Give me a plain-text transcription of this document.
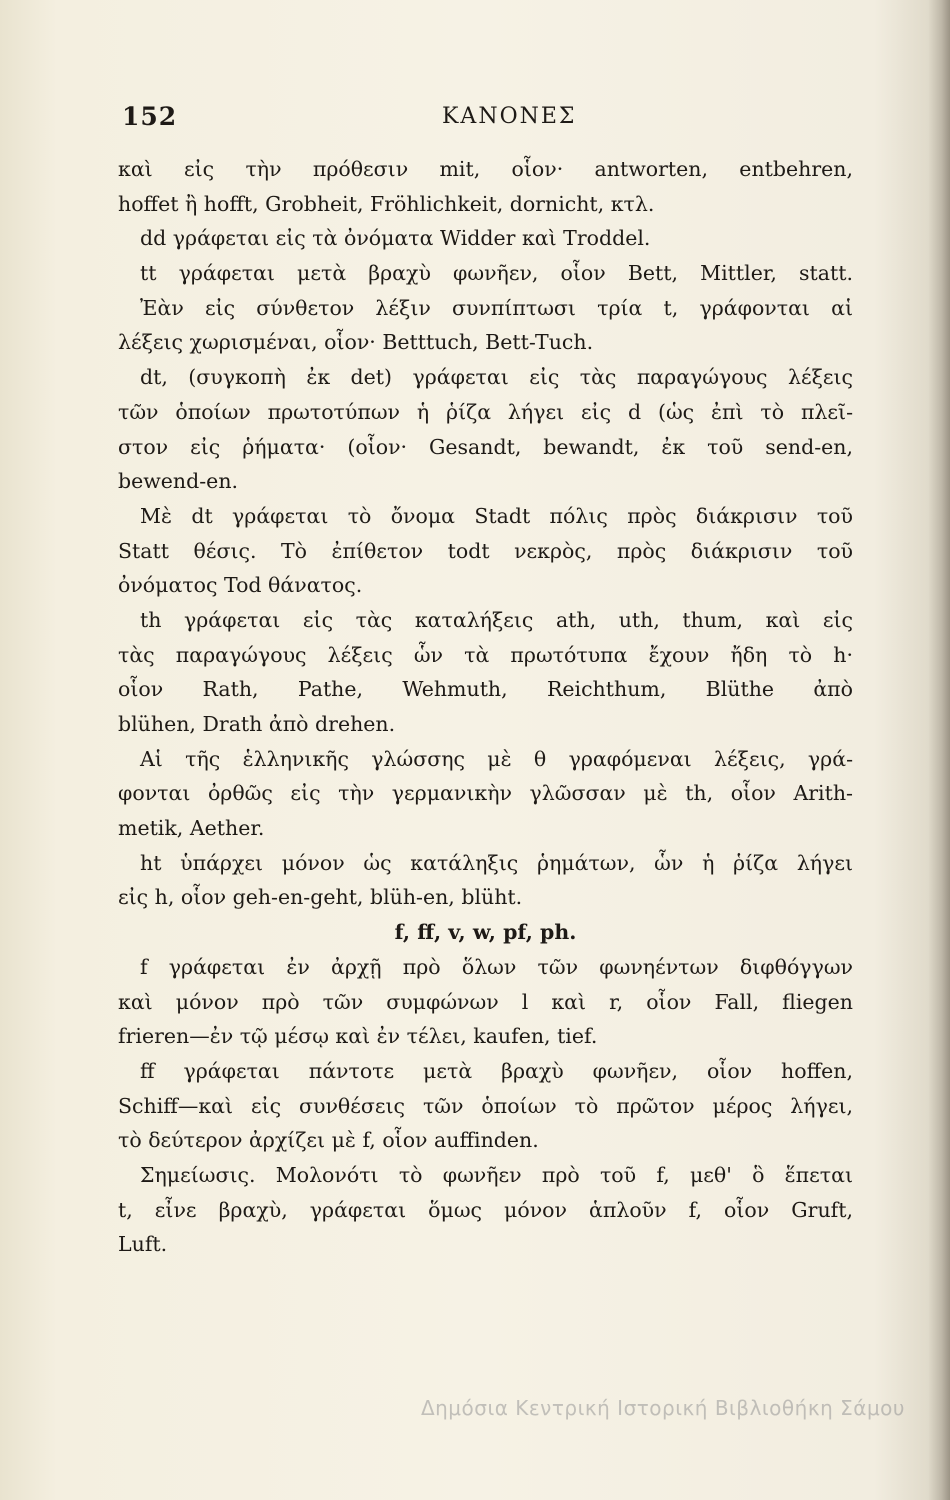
152	ΚΑΝΟΝΕΣ
καὶ εἰς τὴν πρόθεσιν mit, οἷον· antworten, entbehren,
hoffet ἢ hofft, Grobheit, Fröhlichkeit, dornicht, κτλ.
dd γράφεται εἰς τὰ ὀνόματα Widder καὶ Troddel.
tt γράφεται μετὰ βραχὺ φωνῆεν, οἷον Bett, Mittler, statt.
Ἐὰν εἰς σύνθετον λέξιν συνπίπτωσι τρία t, γράφονται αἱ
λέξεις χωρισμέναι, οἷον· Betttuch, Bett-Tuch.
dt, (συγκοπὴ ἐκ det) γράφεται εἰς τὰς παραγώγους λέξεις
τῶν ὁποίων πρωτοτύπων ἡ ῥίζα λήγει εἰς d (ὡς ἐπὶ τὸ πλεῖ-
στον εἰς ῥήματα· (οἷον· Gesandt, bewandt, ἐκ τοῦ send-en,
bewend-en.
Μὲ dt γράφεται τὸ ὄνομα Stadt πόλις πρὸς διάκρισιν τοῦ
Statt θέσις. Τὸ ἐπίθετον todt νεκρὸς, πρὸς διάκρισιν τοῦ
ὀνόματος Tod θάνατος.
th γράφεται εἰς τὰς καταλήξεις ath, uth, thum, καὶ εἰς
τὰς παραγώγους λέξεις ὧν τὰ πρωτότυπα ἔχουν ἤδη τὸ h·
οἷον Rath, Pathe, Wehmuth, Reichthum, Blüthe ἀπὸ
blühen, Drath ἀπὸ drehen.
Αἱ τῆς ἑλληνικῆς γλώσσης μὲ θ γραφόμεναι λέξεις, γρά-
φονται ὀρθῶς εἰς τὴν γερμανικὴν γλῶσσαν μὲ th, οἷον Arith-
metik, Aether.
ht ὑπάρχει μόνον ὡς κατάληξις ῥημάτων, ὧν ἡ ῥίζα λήγει
εἰς h, οἷον geh-en-geht, blüh-en, blüht.
f, ff, v, w, pf, ph.
f γράφεται ἐν ἀρχῇ πρὸ ὅλων τῶν φωνηέντων διφθόγγων
καὶ μόνον πρὸ τῶν συμφώνων l καὶ r, οἷον Fall, fliegen
frieren—ἐν τῷ μέσῳ καὶ ἐν τέλει, kaufen, tief.
ff γράφεται πάντοτε μετὰ βραχὺ φωνῆεν, οἷον hoffen,
Schiff—καὶ εἰς συνθέσεις τῶν ὁποίων τὸ πρῶτον μέρος λήγει,
τὸ δεύτερον ἀρχίζει μὲ f, οἷον auffinden.
Σημείωσις. Μολονότι τὸ φωνῆεν πρὸ τοῦ f, μεθ' ὃ ἕπεται
t, εἶνε βραχὺ, γράφεται ὅμως μόνον ἁπλοῦν f, οἷον Gruft,
Luft.
Δημόσια Κεντρική Ιστορική Βιβλιοθήκη Σάμου
